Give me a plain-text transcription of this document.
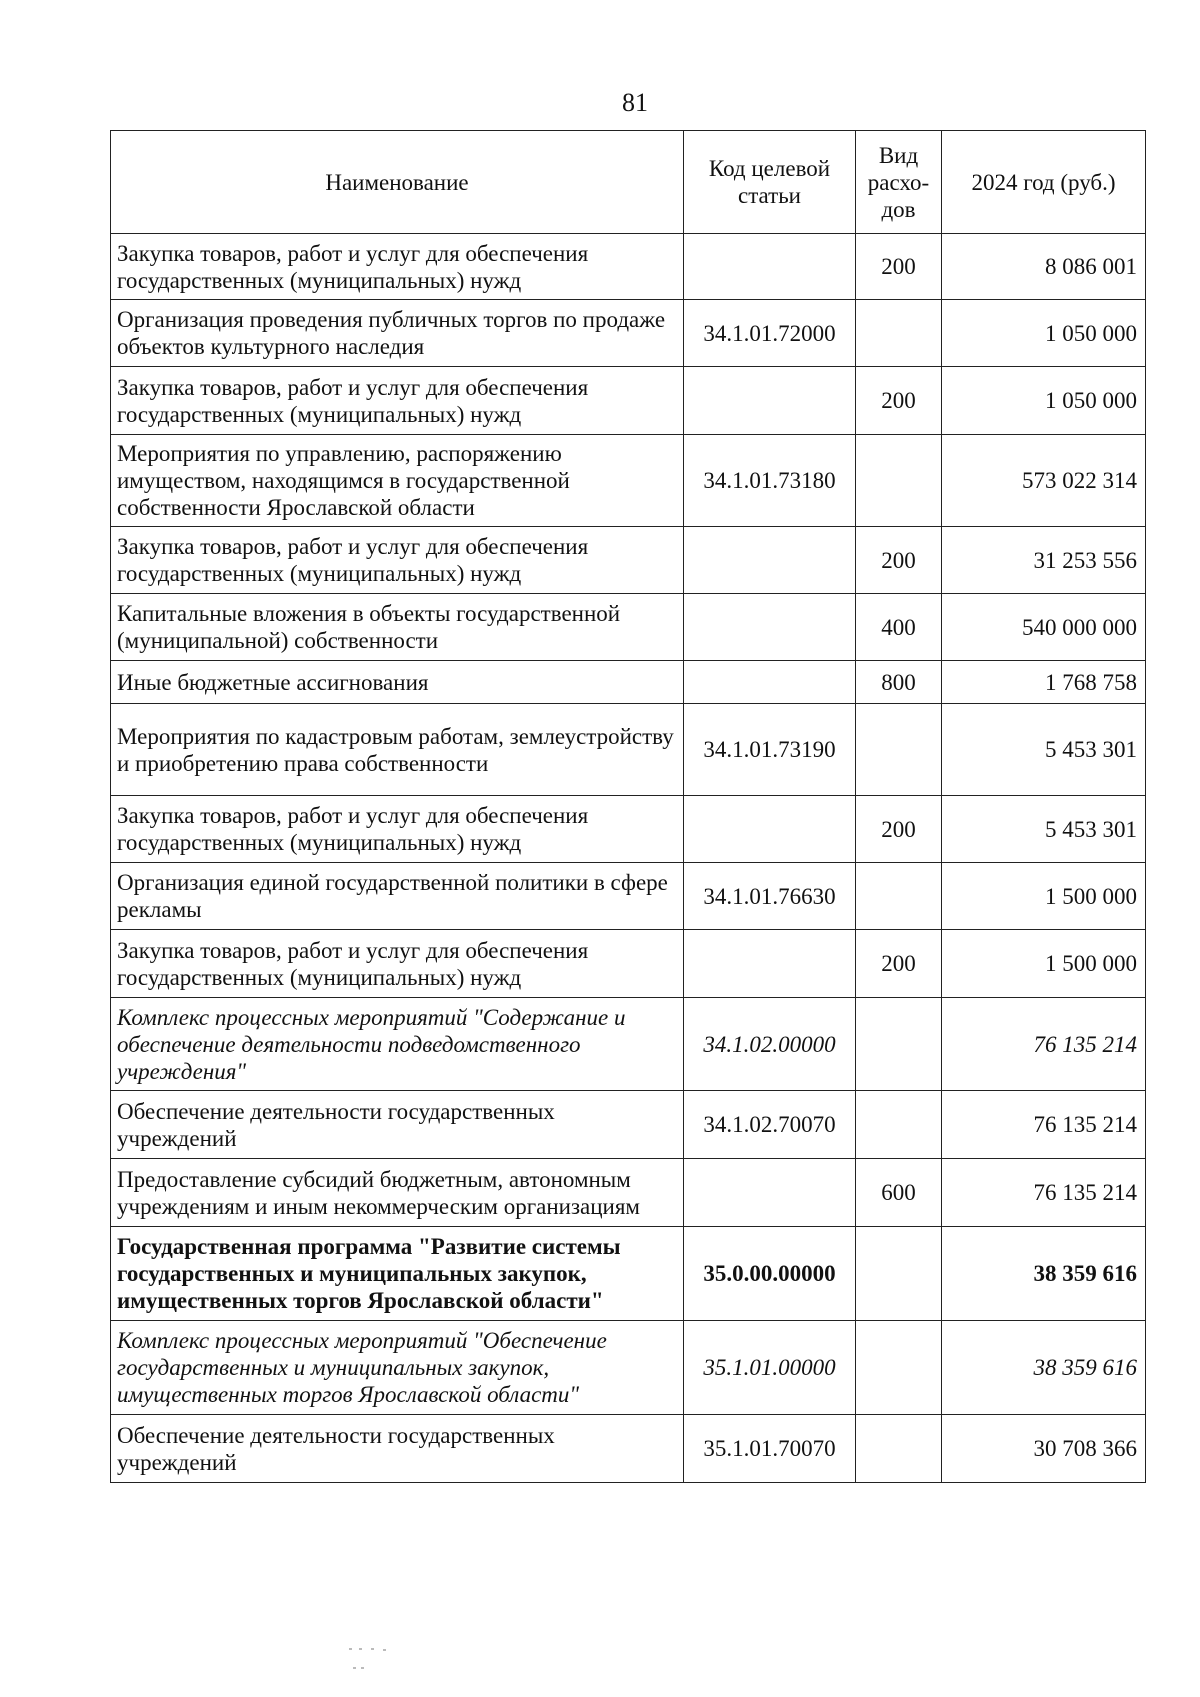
81
Наименование	Код целевой статьи	Вид расхо-дов	2024 год (руб.)
Закупка товаров, работ и услуг для обеспечения государственных (муниципальных) нужд		200	8 086 001
Организация проведения публичных торгов по продаже объектов культурного наследия	34.1.01.72000		1 050 000
Закупка товаров, работ и услуг для обеспечения государственных (муниципальных) нужд		200	1 050 000
Мероприятия по управлению, распоряжению имуществом, находящимся в государственной собственности Ярославской области	34.1.01.73180		573 022 314
Закупка товаров, работ и услуг для обеспечения государственных (муниципальных) нужд		200	31 253 556
Капитальные вложения в объекты государственной (муниципальной) собственности		400	540 000 000
Иные бюджетные ассигнования		800	1 768 758
Мероприятия по кадастровым работам, землеустройству и приобретению права собственности	34.1.01.73190		5 453 301
Закупка товаров, работ и услуг для обеспечения государственных (муниципальных) нужд		200	5 453 301
Организация единой государственной политики в сфере рекламы	34.1.01.76630		1 500 000
Закупка товаров, работ и услуг для обеспечения государственных (муниципальных) нужд		200	1 500 000
Комплекс процессных мероприятий "Содержание и обеспечение деятельности подведомственного учреждения"	34.1.02.00000		76 135 214
Обеспечение деятельности государственных учреждений	34.1.02.70070		76 135 214
Предоставление субсидий бюджетным, автономным учреждениям и иным некоммерческим организациям		600	76 135 214
Государственная программа "Развитие системы государственных и муниципальных закупок, имущественных торгов Ярославской области"	35.0.00.00000		38 359 616
Комплекс процессных мероприятий "Обеспечение государственных и муниципальных закупок, имущественных торгов Ярославской области"	35.1.01.00000		38 359 616
Обеспечение деятельности государственных учреждений	35.1.01.70070		30 708 366
